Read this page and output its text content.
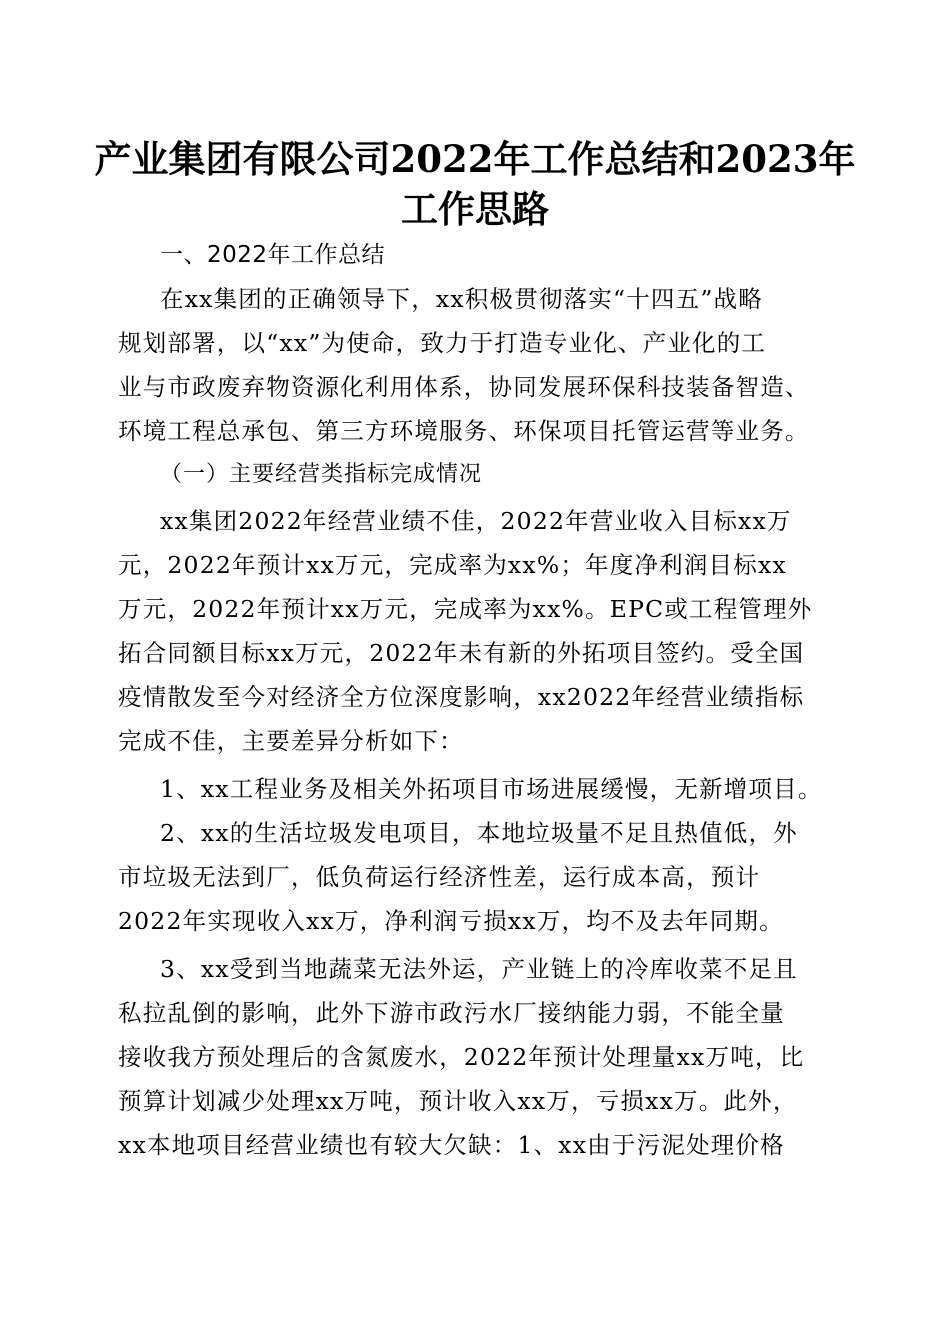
产业集团有限公司2022年工作总结和2023年
工作思路
一、2022年工作总结
在xx集团的正确领导下，xx积极贯彻落实“十四五”战略
规划部署，以“xx”为使命，致力于打造专业化、产业化的工
业与市政废弃物资源化利用体系，协同发展环保科技装备智造、
环境工程总承包、第三方环境服务、环保项目托管运营等业务。
（一）主要经营类指标完成情况
xx集团2022年经营业绩不佳，2022年营业收入目标xx万
元，2022年预计xx万元，完成率为xx%；年度净利润目标xx
万元，2022年预计xx万元，完成率为xx%。EPC或工程管理外
拓合同额目标xx万元，2022年未有新的外拓项目签约。受全国
疫情散发至今对经济全方位深度影响，xx2022年经营业绩指标
完成不佳，主要差异分析如下：
1、xx工程业务及相关外拓项目市场进展缓慢，无新增项目。
2、xx的生活垃圾发电项目，本地垃圾量不足且热值低，外
市垃圾无法到厂，低负荷运行经济性差，运行成本高，预计
2022年实现收入xx万，净利润亏损xx万，均不及去年同期。
3、xx受到当地蔬菜无法外运，产业链上的冷库收菜不足且
私拉乱倒的影响，此外下游市政污水厂接纳能力弱，不能全量
接收我方预处理后的含氮废水，2022年预计处理量xx万吨，比
预算计划减少处理xx万吨，预计收入xx万，亏损xx万。此外，
xx本地项目经营业绩也有较大欠缺：1、xx由于污泥处理价格
